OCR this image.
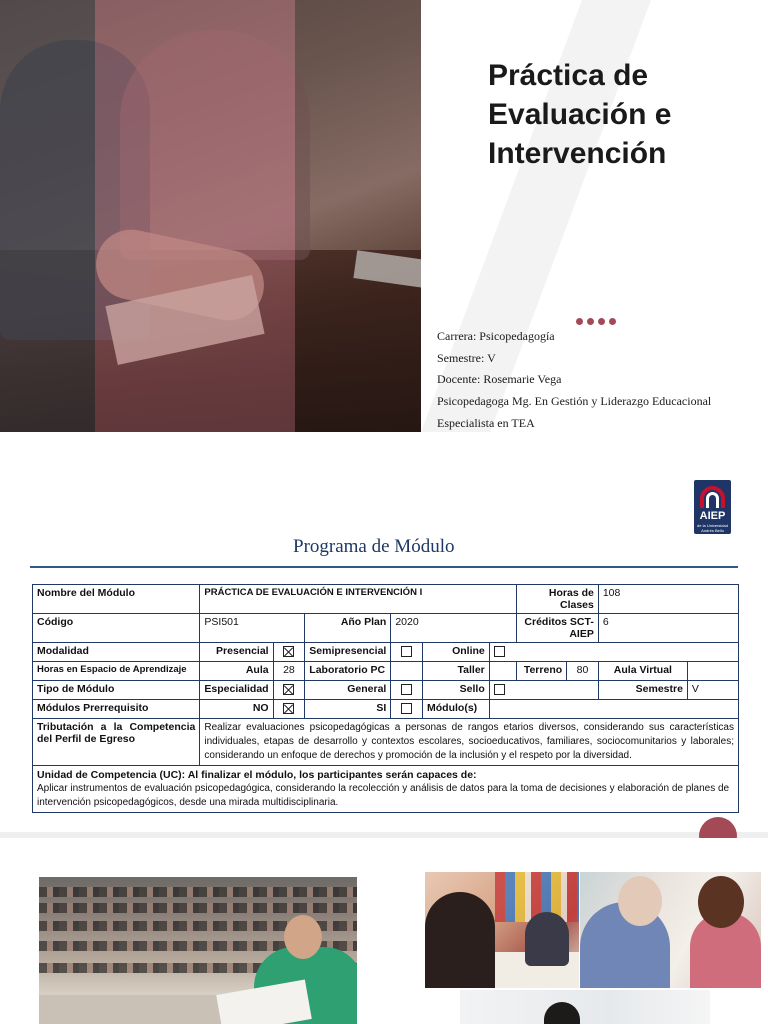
Práctica de
Evaluación e
Intervención
Carrera: Psicopedagogía
Semestre: V
Docente: Rosemarie Vega
Psicopedagoga Mg. En Gestión y Liderazgo Educacional
Especialista en TEA
AIEP
de la Universidad Andrés Bello
Programa de Módulo
Nombre del Módulo	PRÁCTICA DE EVALUACIÓN E INTERVENCIÓN I						Horas de Clases		108	
Código	PSI501		Año Plan	2020			Créditos SCT-AIEP		6	
Modalidad	Presencial		Semipresencial		Online					
Horas en Espacio de Aprendizaje	Aula	28	Laboratorio PC		Taller		Terreno	80	Aula Virtual	
Tipo de Módulo	Especialidad		General		Sello				Semestre	V
Módulos Prerrequisito	NO		SI		Módulo(s)					
Tributación a la Competencia del Perfil de Egreso	Realizar evaluaciones psicopedagógicas a personas de rangos etarios diversos, considerando sus características individuales, etapas de desarrollo y contextos escolares, socioeducativos, familiares, sociocomunitarios y laborales; considerando un enfoque de derechos y promoción de la inclusión y el respeto por la diversidad.									

Unidad de Competencia (UC): Al finalizar el módulo, los participantes serán capaces de:
Aplicar instrumentos de evaluación psicopedagógica, considerando la recolección y análisis de datos para la toma de decisiones y elaboración de planes de intervención psicopedagógicos, desde una mirada multidisciplinaria.										
